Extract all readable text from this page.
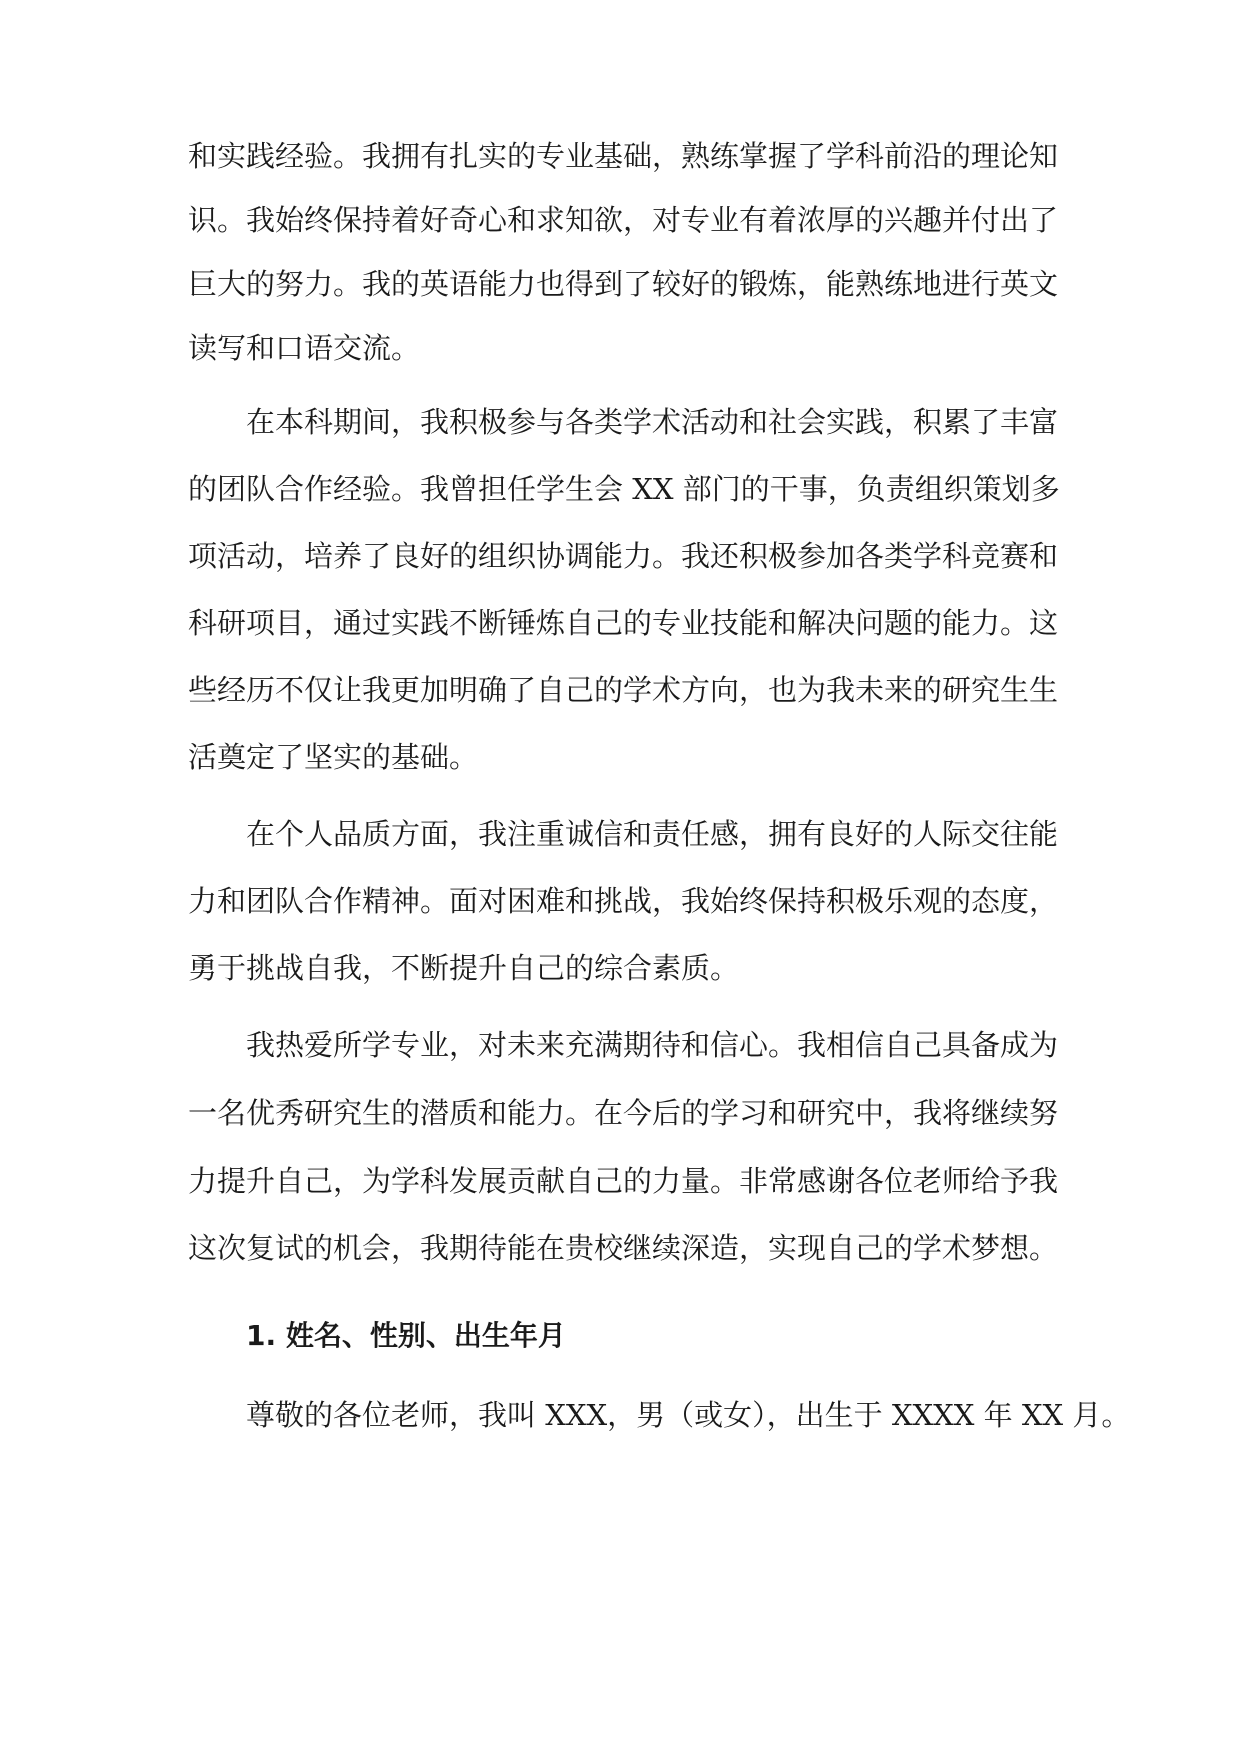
和实践经验。我拥有扎实的专业基础，熟练掌握了学科前沿的理论知
识。我始终保持着好奇心和求知欲，对专业有着浓厚的兴趣并付出了
巨大的努力。我的英语能力也得到了较好的锻炼，能熟练地进行英文
读写和口语交流。
在本科期间，我积极参与各类学术活动和社会实践，积累了丰富
的团队合作经验。我曾担任学生会 XX 部门的干事，负责组织策划多
项活动，培养了良好的组织协调能力。我还积极参加各类学科竞赛和
科研项目，通过实践不断锤炼自己的专业技能和解决问题的能力。这
些经历不仅让我更加明确了自己的学术方向，也为我未来的研究生生
活奠定了坚实的基础。
在个人品质方面，我注重诚信和责任感，拥有良好的人际交往能
力和团队合作精神。面对困难和挑战，我始终保持积极乐观的态度，
勇于挑战自我，不断提升自己的综合素质。
我热爱所学专业，对未来充满期待和信心。我相信自己具备成为
一名优秀研究生的潜质和能力。在今后的学习和研究中，我将继续努
力提升自己，为学科发展贡献自己的力量。非常感谢各位老师给予我
这次复试的机会，我期待能在贵校继续深造，实现自己的学术梦想。
1. 姓名、性别、出生年月
尊敬的各位老师，我叫 XXX，男（或女），出生于 XXXX 年 XX 月。
